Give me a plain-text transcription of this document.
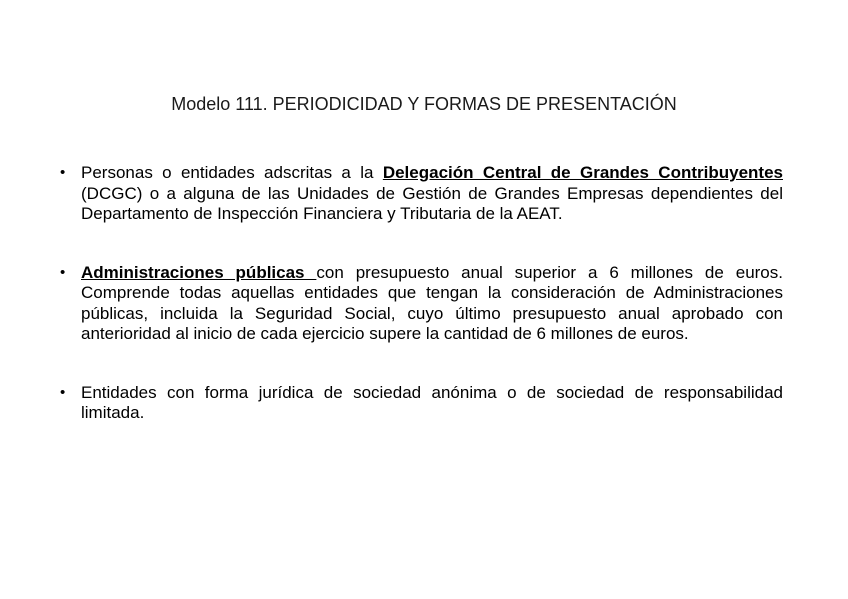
Modelo 111. PERIODICIDAD Y FORMAS DE PRESENTACIÓN
• Personas o entidades adscritas a la Delegación Central de Grandes Contribuyentes (DCGC) o a alguna de las Unidades de Gestión de Grandes Empresas dependientes del Departamento de Inspección Financiera y Tributaria de la AEAT.
• Administraciones públicas con presupuesto anual superior a 6 millones de euros. Comprende todas aquellas entidades que tengan la consideración de Administraciones públicas, incluida la Seguridad Social, cuyo último presupuesto anual aprobado con anterioridad al inicio de cada ejercicio supere la cantidad de 6 millones de euros.
• Entidades con forma jurídica de sociedad anónima o de sociedad de responsabilidad limitada.
